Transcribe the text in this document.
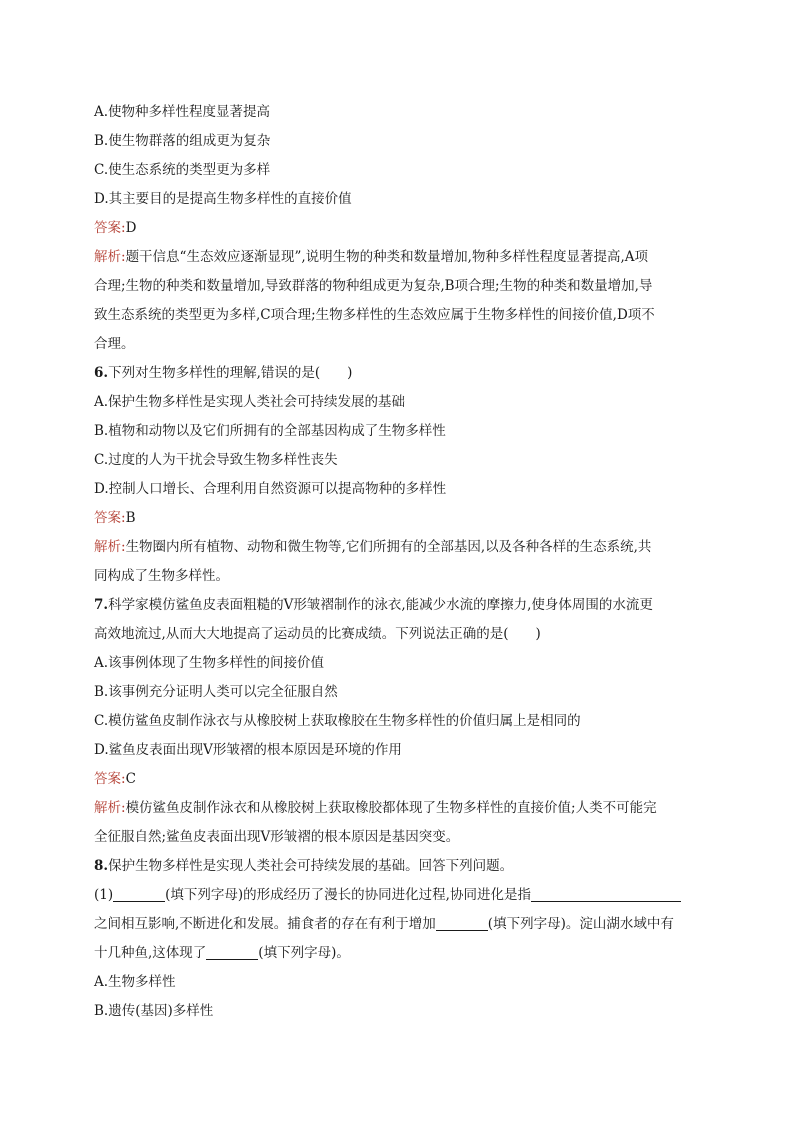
A.使物种多样性程度显著提高
B.使生物群落的组成更为复杂
C.使生态系统的类型更为多样
D.其主要目的是提高生物多样性的直接价值
答案:D
解析:题干信息“生态效应逐渐显现”,说明生物的种类和数量增加,物种多样性程度显著提高,A项
合理;生物的种类和数量增加,导致群落的物种组成更为复杂,B项合理;生物的种类和数量增加,导
致生态系统的类型更为多样,C项合理;生物多样性的生态效应属于生物多样性的间接价值,D项不
合理。
6.下列对生物多样性的理解,错误的是(　　)
A.保护生物多样性是实现人类社会可持续发展的基础
B.植物和动物以及它们所拥有的全部基因构成了生物多样性
C.过度的人为干扰会导致生物多样性丧失
D.控制人口增长、合理利用自然资源可以提高物种的多样性
答案:B
解析:生物圈内所有植物、动物和微生物等,它们所拥有的全部基因,以及各种各样的生态系统,共
同构成了生物多样性。
7.科学家模仿鲨鱼皮表面粗糙的V形皱褶制作的泳衣,能减少水流的摩擦力,使身体周围的水流更
高效地流过,从而大大地提高了运动员的比赛成绩。下列说法正确的是(　　)
A.该事例体现了生物多样性的间接价值
B.该事例充分证明人类可以完全征服自然
C.模仿鲨鱼皮制作泳衣与从橡胶树上获取橡胶在生物多样性的价值归属上是相同的
D.鲨鱼皮表面出现V形皱褶的根本原因是环境的作用
答案:C
解析:模仿鲨鱼皮制作泳衣和从橡胶树上获取橡胶都体现了生物多样性的直接价值;人类不可能完
全征服自然;鲨鱼皮表面出现V形皱褶的根本原因是基因突变。
8.保护生物多样性是实现人类社会可持续发展的基础。回答下列问题。
(1)	(填下列字母)的形成经历了漫长的协同进化过程,协同进化是指
之间相互影响,不断进化和发展。捕食者的存在有利于增加	(填下列字母)。淀山湖水域中有
十几种鱼,这体现了	(填下列字母)。
A.生物多样性
B.遗传(基因)多样性
